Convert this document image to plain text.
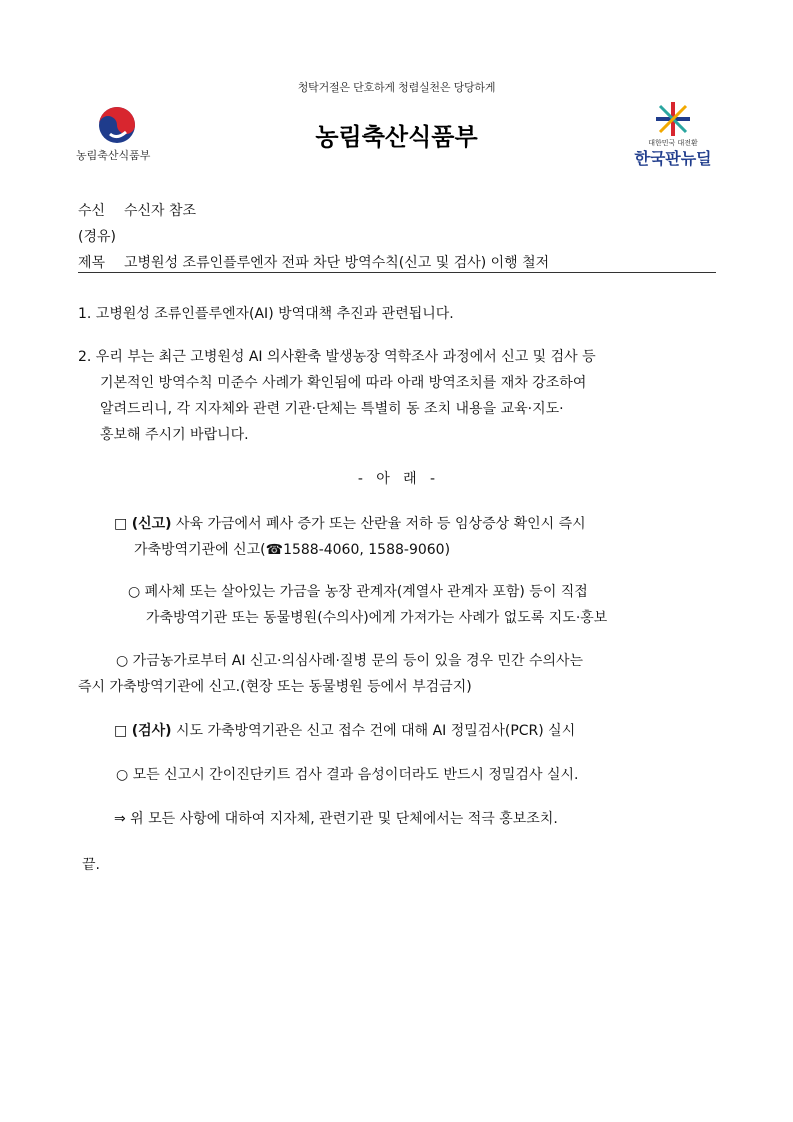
청탁거절은 단호하게 청렴실천은 당당하게
농림축산식품부
농림축산식품부	대한민국 대전환
한국판뉴딜
수신 수신자 참조
(경유)
제목 고병원성 조류인플루엔자 전파 차단 방역수칙(신고 및 검사) 이행 철저
1. 고병원성 조류인플루엔자(AI) 방역대책 추진과 관련됩니다.
2. 우리 부는 최근 고병원성 AI 의사환축 발생농장 역학조사 과정에서 신고 및 검사 등
기본적인 방역수칙 미준수 사례가 확인됨에 따라 아래 방역조치를 재차 강조하여
알려드리니, 각 지자체와 관련 기관·단체는 특별히 동 조치 내용을 교육·지도·
홍보해 주시기 바랍니다.
-   아   래   -
□ (신고) 사육 가금에서 폐사 증가 또는 산란율 저하 등 임상증상 확인시 즉시
가축방역기관에 신고(☎1588-4060, 1588-9060)
○ 폐사체 또는 살아있는 가금을 농장 관계자(계열사 관계자 포함) 등이 직접
가축방역기관 또는 동물병원(수의사)에게 가져가는 사례가 없도록 지도·홍보
○ 가금농가로부터 AI 신고·의심사례·질병 문의 등이 있을 경우 민간 수의사는
즉시 가축방역기관에 신고.(현장 또는 동물병원 등에서 부검금지)
□ (검사) 시도 가축방역기관은 신고 접수 건에 대해 AI 정밀검사(PCR) 실시
○ 모든 신고시 간이진단키트 검사 결과 음성이더라도 반드시 정밀검사 실시.
⇒ 위 모든 사항에 대하여 지자체, 관련기관 및 단체에서는 적극 홍보조치.
끝.
